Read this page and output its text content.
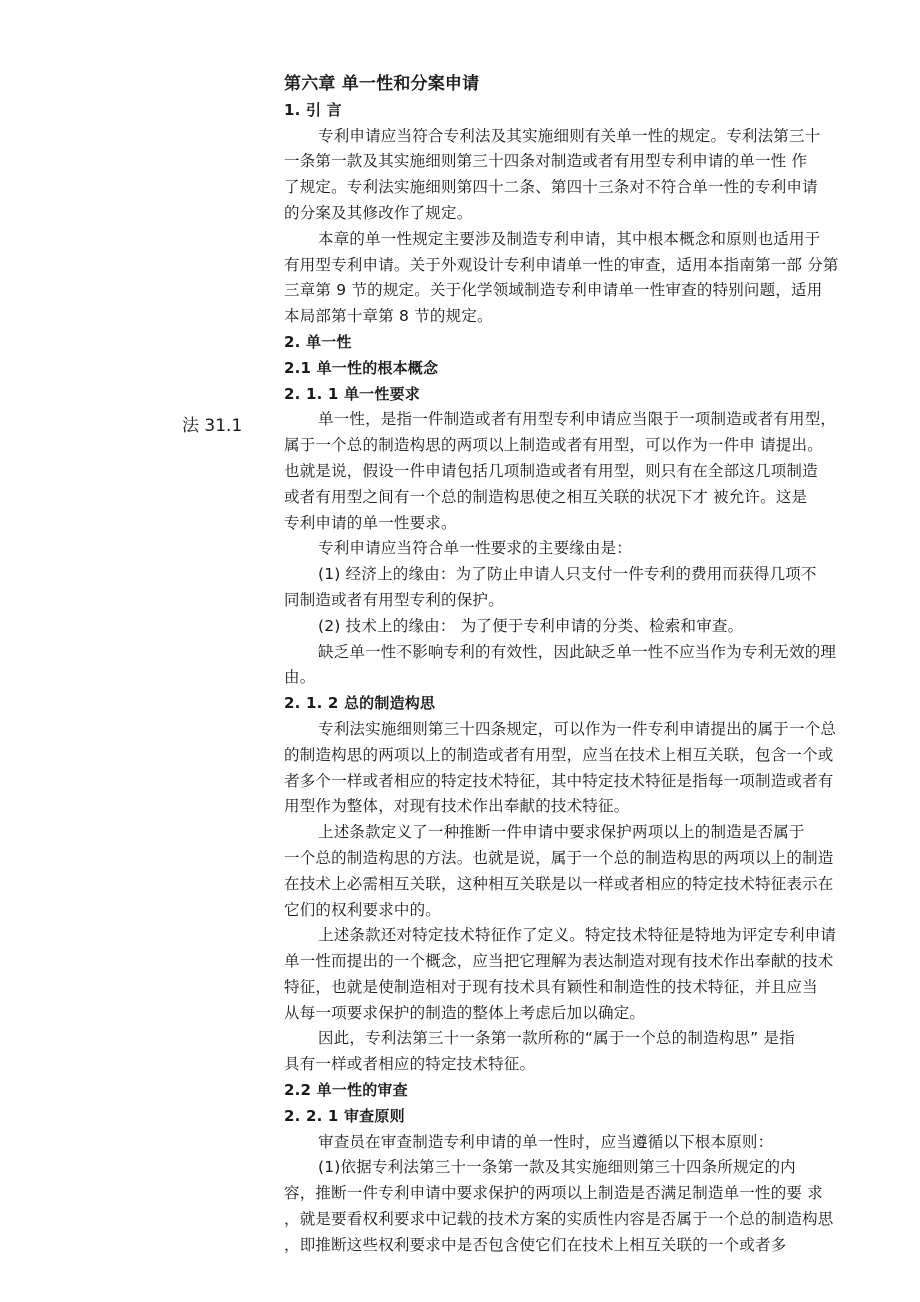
法 31.1
第六章 单一性和分案申请
1. 引 言
专利申请应当符合专利法及其实施细则有关单一性的规定。专利法第三十
一条第一款及其实施细则第三十四条对制造或者有用型专利申请的单一性 作
了规定。专利法实施细则第四十二条、第四十三条对不符合单一性的专利申请
的分案及其修改作了规定。
本章的单一性规定主要涉及制造专利申请，其中根本概念和原则也适用于
有用型专利申请。关于外观设计专利申请单一性的审查，适用本指南第一部 分第
三章第 9 节的规定。关于化学领域制造专利申请单一性审查的特别问题，适用
本局部第十章第 8 节的规定。
2. 单一性
2.1 单一性的根本概念
2. 1. 1 单一性要求
单一性，是指一件制造或者有用型专利申请应当限于一项制造或者有用型，
属于一个总的制造构思的两项以上制造或者有用型，可以作为一件申 请提出。
也就是说，假设一件申请包括几项制造或者有用型，则只有在全部这几项制造
或者有用型之间有一个总的制造构思使之相互关联的状况下才 被允许。这是
专利申请的单一性要求。
专利申请应当符合单一性要求的主要缘由是：
(1) 经济上的缘由：为了防止申请人只支付一件专利的费用而获得几项不
同制造或者有用型专利的保护。
(2) 技术上的缘由： 为了便于专利申请的分类、检索和审查。
缺乏单一性不影响专利的有效性，因此缺乏单一性不应当作为专利无效的理
由。
2. 1. 2 总的制造构思
专利法实施细则第三十四条规定，可以作为一件专利申请提出的属于一个总
的制造构思的两项以上的制造或者有用型，应当在技术上相互关联，包含一个或
者多个一样或者相应的特定技术特征，其中特定技术特征是指每一项制造或者有
用型作为整体，对现有技术作出奉献的技术特征。
上述条款定义了一种推断一件申请中要求保护两项以上的制造是否属于
一个总的制造构思的方法。也就是说，属于一个总的制造构思的两项以上的制造
在技术上必需相互关联，这种相互关联是以一样或者相应的特定技术特征表示在
它们的权利要求中的。
上述条款还对特定技术特征作了定义。特定技术特征是特地为评定专利申请
单一性而提出的一个概念，应当把它理解为表达制造对现有技术作出奉献的技术
特征，也就是使制造相对于现有技术具有颖性和制造性的技术特征，并且应当
从每一项要求保护的制造的整体上考虑后加以确定。
因此，专利法第三十一条第一款所称的“属于一个总的制造构思” 是指
具有一样或者相应的特定技术特征。
2.2 单一性的审查
2. 2. 1 审查原则
审查员在审查制造专利申请的单一性时，应当遵循以下根本原则：
(1)依据专利法第三十一条第一款及其实施细则第三十四条所规定的内
容，推断一件专利申请中要求保护的两项以上制造是否满足制造单一性的要 求
，就是要看权利要求中记载的技术方案的实质性内容是否属于一个总的制造构思
，即推断这些权利要求中是否包含使它们在技术上相互关联的一个或者多
